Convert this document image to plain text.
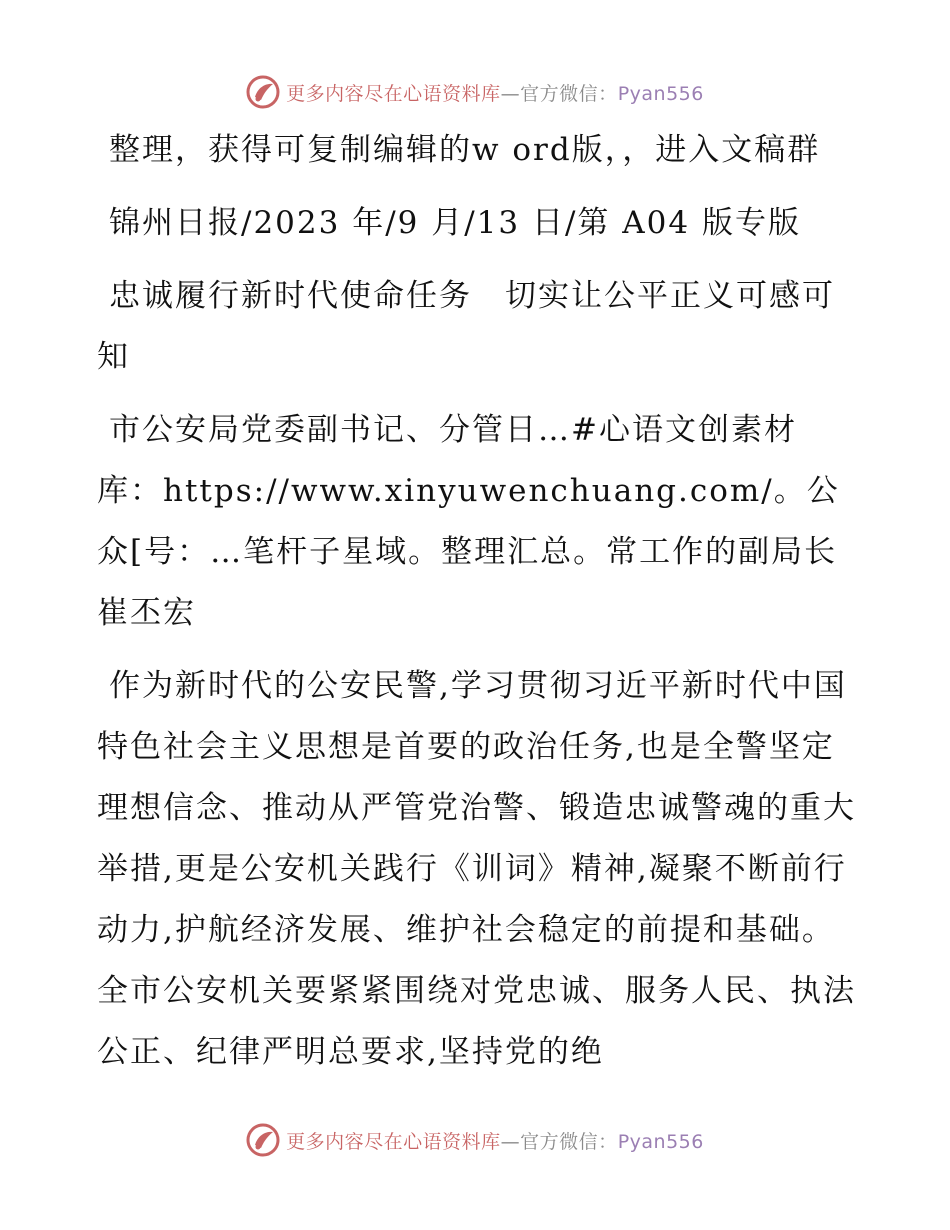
更多内容尽在心语资料库—官方微信：Pyan556

整理，获得可复制编辑的w ord版，，进入文稿群

锦州日报/2023 年/9 月/13 日/第 A04 版专版

忠诚履行新时代使命任务　切实让公平正义可感可知

市公安局党委副书记、分管日…#心语文创素材库：https://www.xinyuwenchuang.com/。公众[号：…笔杆子星域。整理汇总。常工作的副局长崔丕宏

作为新时代的公安民警,学习贯彻习近平新时代中国特色社会主义思想是首要的政治任务,也是全警坚定理想信念、推动从严管党治警、锻造忠诚警魂的重大举措,更是公安机关践行《训词》精神,凝聚不断前行动力,护航经济发展、维护社会稳定的前提和基础。全市公安机关要紧紧围绕对党忠诚、服务人民、执法公正、纪律严明总要求,坚持党的绝

更多内容尽在心语资料库—官方微信：Pyan556
